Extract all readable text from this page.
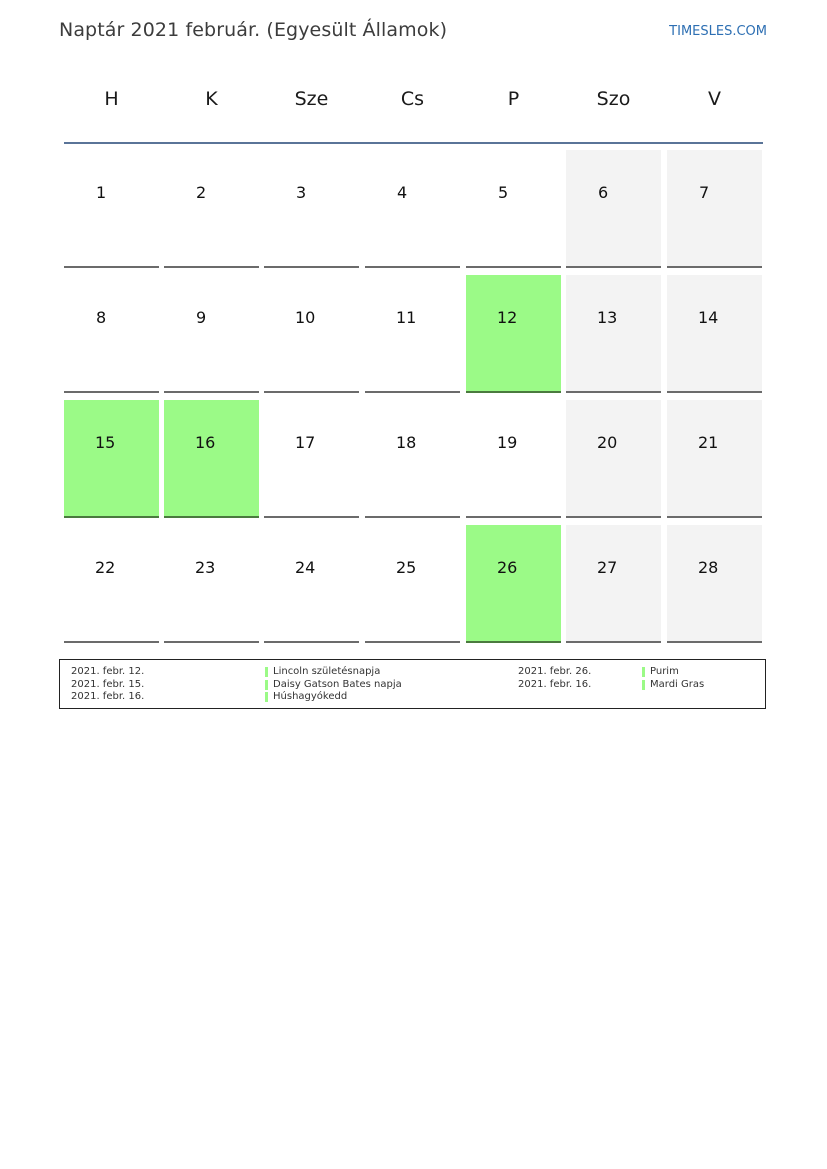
Naptár 2021 február. (Egyesült Államok)	TIMESLES.COM
H	K	Sze	Cs	P	Szo	V
1	2	3	4	5	6	7
8	9	10	11	12	13	14
15	16	17	18	19	20	21
22	23	24	25	26	27	28
2021. febr. 12.	Lincoln születésnapja
2021. febr. 15.	Daisy Gatson Bates napja
2021. febr. 16.	Húshagyókedd
2021. febr. 26.	Purim
2021. febr. 16.	Mardi Gras
